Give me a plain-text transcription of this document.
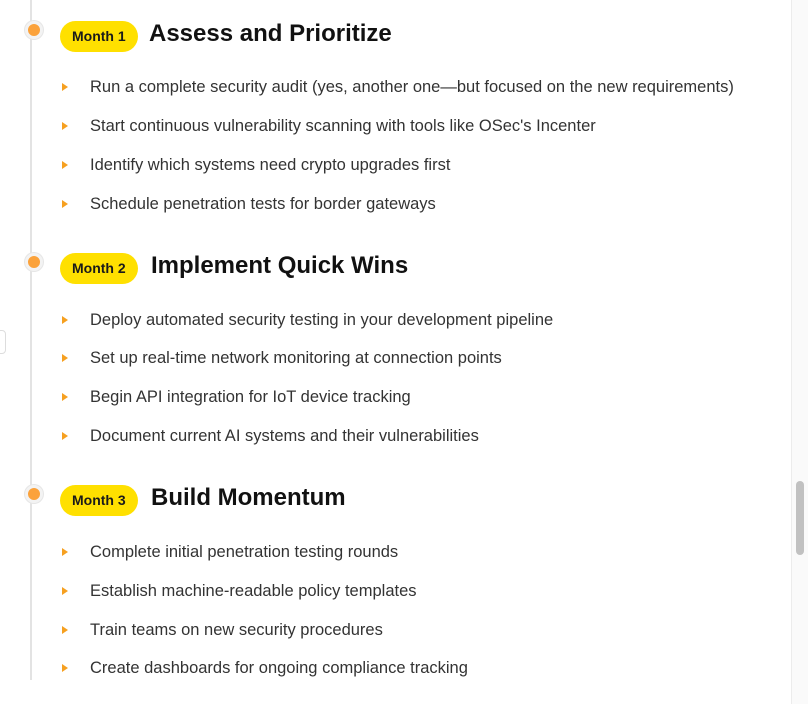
Month 1 Assess and Prioritize
Run a complete security audit (yes, another one—but focused on the new requirements)
Start continuous vulnerability scanning with tools like OSec's Incenter
Identify which systems need crypto upgrades first
Schedule penetration tests for border gateways
Month 2	Implement Quick Wins
Deploy automated security testing in your development pipeline
Set up real-time network monitoring at connection points
Begin API integration for IoT device tracking
Document current AI systems and their vulnerabilities
Month 3	Build Momentum
Complete initial penetration testing rounds
Establish machine-readable policy templates
Train teams on new security procedures
Create dashboards for ongoing compliance tracking
